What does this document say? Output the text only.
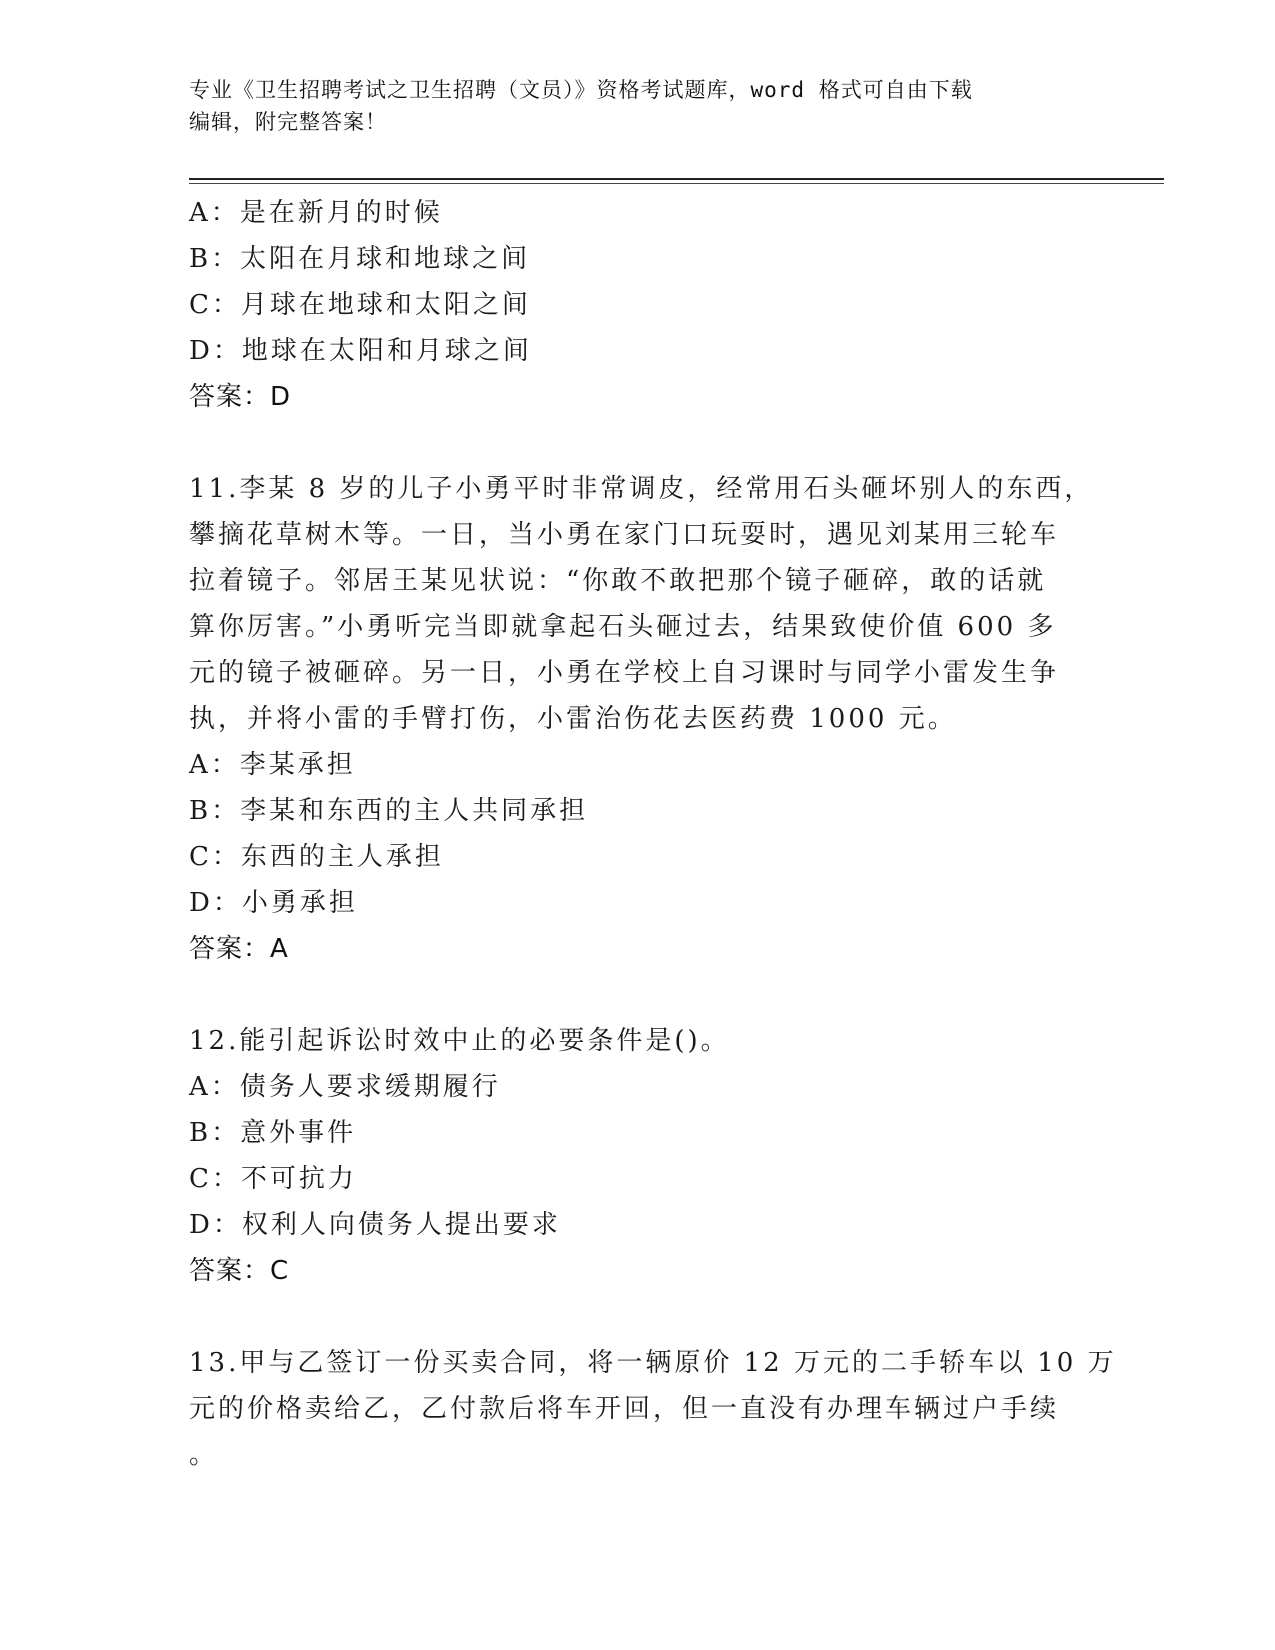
专业《卫生招聘考试之卫生招聘（文员）》资格考试题库，word 格式可自由下载
编辑，附完整答案！
A：是在新月的时候
B：太阳在月球和地球之间
C：月球在地球和太阳之间
D：地球在太阳和月球之间
答案：D
11.李某 8 岁的儿子小勇平时非常调皮，经常用石头砸坏别人的东西，
攀摘花草树木等。一日，当小勇在家门口玩耍时，遇见刘某用三轮车
拉着镜子。邻居王某见状说：“你敢不敢把那个镜子砸碎，敢的话就
算你厉害。”小勇听完当即就拿起石头砸过去，结果致使价值 600 多
元的镜子被砸碎。另一日，小勇在学校上自习课时与同学小雷发生争
执，并将小雷的手臂打伤，小雷治伤花去医药费 1000 元。
A：李某承担
B：李某和东西的主人共同承担
C：东西的主人承担
D：小勇承担
答案：A
12.能引起诉讼时效中止的必要条件是()。
A：债务人要求缓期履行
B：意外事件
C：不可抗力
D：权利人向债务人提出要求
答案：C
13.甲与乙签订一份买卖合同，将一辆原价 12 万元的二手轿车以 10 万
元的价格卖给乙，乙付款后将车开回，但一直没有办理车辆过户手续
。
